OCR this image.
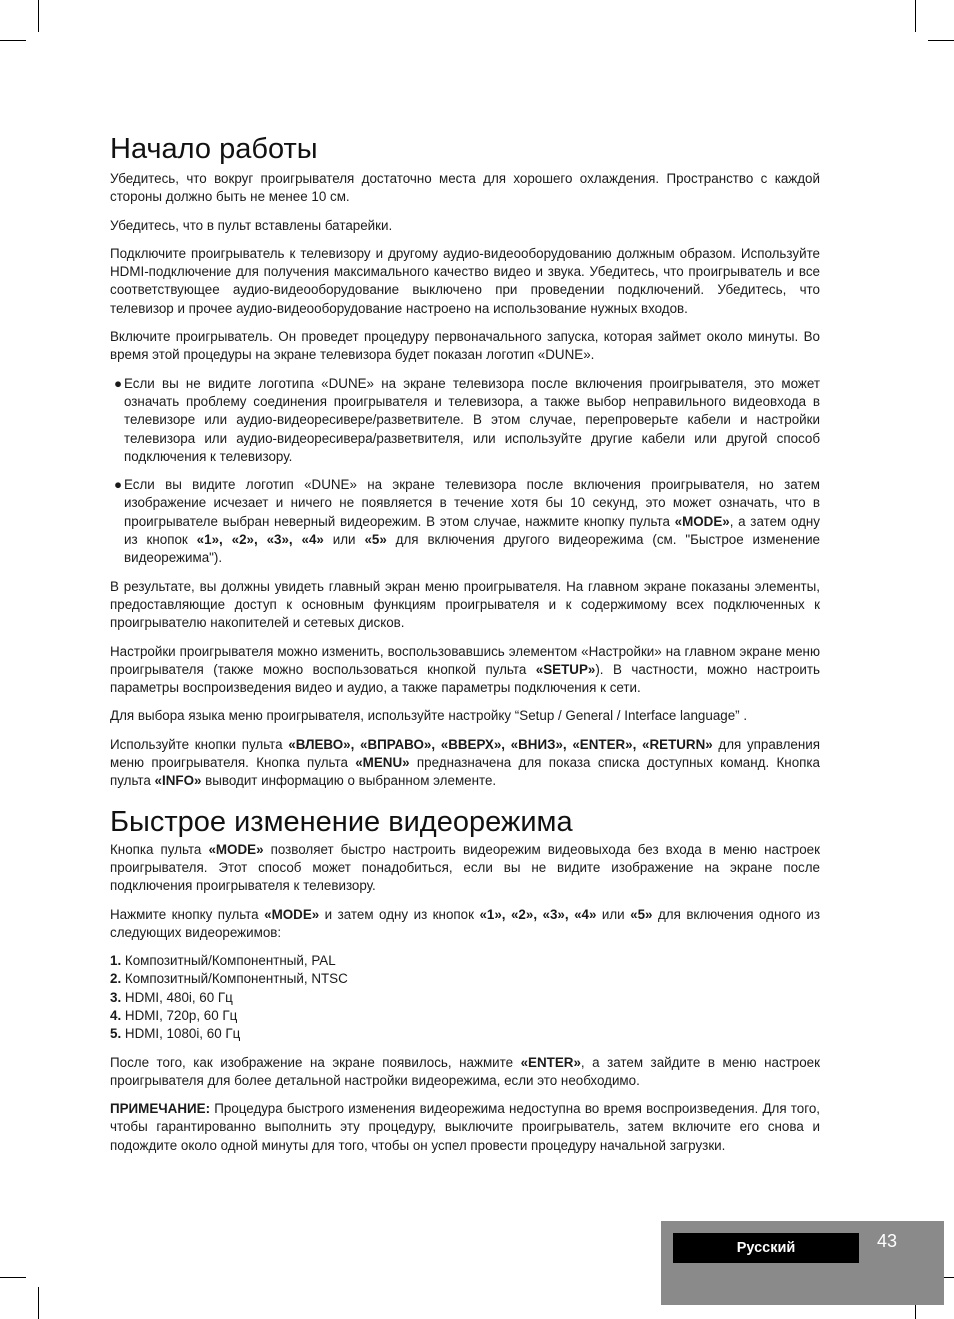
Начало работы

Убедитесь, что вокруг проигрывателя достаточно места для хорошего охлаждения. Пространство с каждой стороны должно быть не менее 10 см.

Убедитесь, что в пульт вставлены батарейки.

Подключите проигрыватель к телевизору и другому аудио-видеооборудованию должным образом. Используйте HDMI-подключение для получения максимального качество видео и звука. Убедитесь, что проигрыватель и все соответствующее аудио-видеооборудование выключено при проведении подключений. Убедитесь, что телевизор и прочее аудио-видеооборудование настроено на использование нужных входов.

Включите проигрыватель. Он проведет процедуру первоначального запуска, которая займет около минуты. Во время этой процедуры на экране телевизора будет показан логотип «DUNE».

● Если вы не видите логотипа «DUNE» на экране телевизора после включения проигрывателя, это может означать проблему соединения проигрывателя и телевизора, а также выбор неправильного видеовхода в телевизоре или аудио-видеоресивере/разветвителе. В этом случае, перепроверьте кабели и настройки телевизора или аудио-видеоресивера/разветвителя, или используйте другие кабели или другой способ подключения к телевизору.

● Если вы видите логотип «DUNE» на экране телевизора после включения проигрывателя, но затем изображение исчезает и ничего не появляется в течение хотя бы 10 секунд, это может означать, что в проигрывателе выбран неверный видеорежим. В этом случае, нажмите кнопку пульта «MODE», а затем одну из кнопок «1», «2», «3», «4» или «5» для включения другого видеорежима (см. "Быстрое изменение видеорежима").

В результате, вы должны увидеть главный экран меню проигрывателя. На главном экране показаны элементы, предоставляющие доступ к основным функциям проигрывателя и к содержимому всех подключенных к проигрывателю накопителей и сетевых дисков.

Настройки проигрывателя можно изменить, воспользовавшись элементом «Настройки» на главном экране меню проигрывателя (также можно воспользоваться кнопкой пульта «SETUP»). В частности, можно настроить параметры воспроизведения видео и аудио, а также параметры подключения к сети.

Для выбора языка меню проигрывателя, используйте настройку “Setup / General / Interface language” .

Используйте кнопки пульта «ВЛЕВО», «ВПРАВО», «ВВЕРХ», «ВНИЗ», «ENTER», «RETURN» для управления меню проигрывателя. Кнопка пульта «MENU» предназначена для показа списка доступных команд. Кнопка пульта «INFO» выводит информацию о выбранном элементе.

Быстрое изменение видеорежима

Кнопка пульта «MODE» позволяет быстро настроить видеорежим видеовыхода без входа в меню настроек проигрывателя. Этот способ может понадобиться, если вы не видите изображение на экране после подключения проигрывателя к телевизору.

Нажмите кнопку пульта «MODE» и затем одну из кнопок «1», «2», «3», «4» или «5» для включения одного из следующих видеорежимов:

1. Композитный/Компонентный, PAL
2. Композитный/Компонентный, NTSC
3. HDMI, 480i, 60 Гц
4. HDMI, 720p, 60 Гц
5. HDMI, 1080i, 60 Гц

После того, как изображение на экране появилось, нажмите «ENTER», а затем зайдите в меню настроек проигрывателя для более детальной настройки видеорежима, если это необходимо.

ПРИМЕЧАНИЕ: Процедура быстрого изменения видеорежима недоступна во время воспроизведения. Для того, чтобы гарантированно выполнить эту процедуру, выключите проигрыватель, затем включите его снова и подождите около одной минуты для того, чтобы он успел провести процедуру начальной загрузки.

Русский	43
